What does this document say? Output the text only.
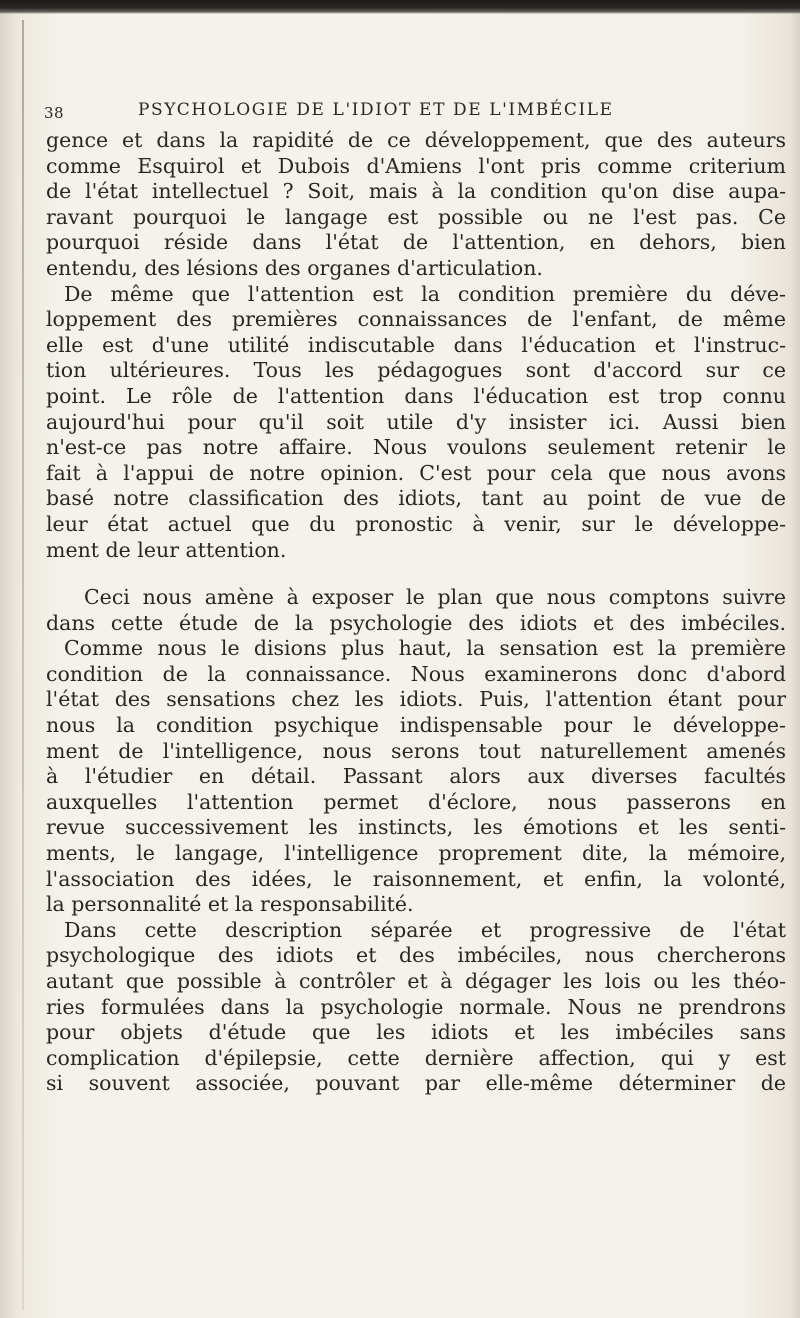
38	PSYCHOLOGIE DE L'IDIOT ET DE L'IMBÉCILE

gence et dans la rapidité de ce développement, que des auteurs
comme Esquirol et Dubois d'Amiens l'ont pris comme criterium
de l'état intellectuel ? Soit, mais à la condition qu'on dise aupa-
ravant pourquoi le langage est possible ou ne l'est pas. Ce
pourquoi réside dans l'état de l'attention, en dehors, bien
entendu, des lésions des organes d'articulation.

De même que l'attention est la condition première du déve-
loppement des premières connaissances de l'enfant, de même
elle est d'une utilité indiscutable dans l'éducation et l'instruc-
tion ultérieures. Tous les pédagogues sont d'accord sur ce
point. Le rôle de l'attention dans l'éducation est trop connu
aujourd'hui pour qu'il soit utile d'y insister ici. Aussi bien
n'est-ce pas notre affaire. Nous voulons seulement retenir le
fait à l'appui de notre opinion. C'est pour cela que nous avons
basé notre classification des idiots, tant au point de vue de
leur état actuel que du pronostic à venir, sur le développe-
ment de leur attention.

Ceci nous amène à exposer le plan que nous comptons suivre
dans cette étude de la psychologie des idiots et des imbéciles.
Comme nous le disions plus haut, la sensation est la première
condition de la connaissance. Nous examinerons donc d'abord
l'état des sensations chez les idiots. Puis, l'attention étant pour
nous la condition psychique indispensable pour le développe-
ment de l'intelligence, nous serons tout naturellement amenés
à l'étudier en détail. Passant alors aux diverses facultés
auxquelles l'attention permet d'éclore, nous passerons en
revue successivement les instincts, les émotions et les senti-
ments, le langage, l'intelligence proprement dite, la mémoire,
l'association des idées, le raisonnement, et enfin, la volonté,
la personnalité et la responsabilité.

Dans cette description séparée et progressive de l'état
psychologique des idiots et des imbéciles, nous chercherons
autant que possible à contrôler et à dégager les lois ou les théo-
ries formulées dans la psychologie normale. Nous ne prendrons
pour objets d'étude que les idiots et les imbéciles sans
complication d'épilepsie, cette dernière affection, qui y est
si souvent associée, pouvant par elle-même déterminer de
